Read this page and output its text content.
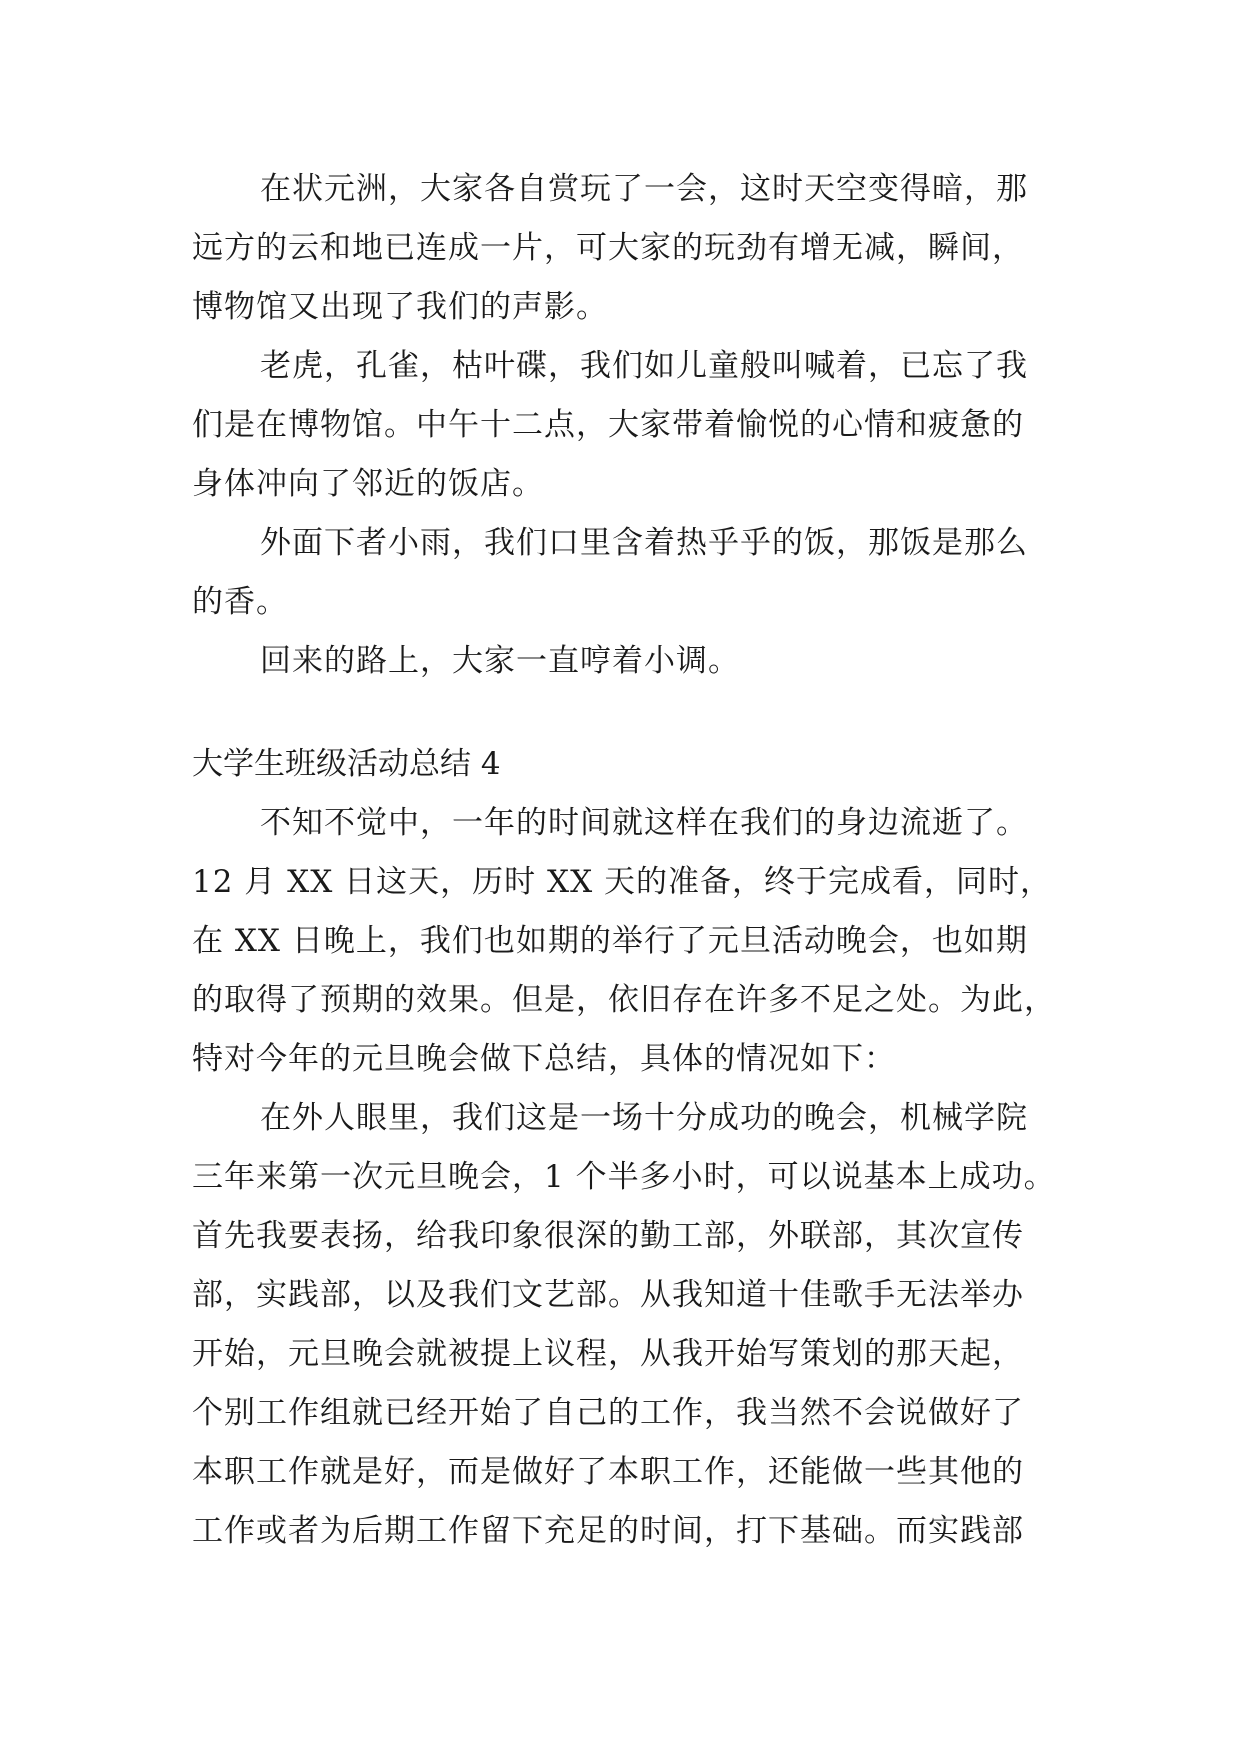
在状元洲，大家各自赏玩了一会，这时天空变得暗，那
远方的云和地已连成一片，可大家的玩劲有增无减，瞬间，
博物馆又出现了我们的声影。
老虎，孔雀，枯叶碟，我们如儿童般叫喊着，已忘了我
们是在博物馆。中午十二点，大家带着愉悦的心情和疲惫的
身体冲向了邻近的饭店。
外面下者小雨，我们口里含着热乎乎的饭，那饭是那么
的香。
回来的路上，大家一直哼着小调。
大学生班级活动总结 4
不知不觉中，一年的时间就这样在我们的身边流逝了。
12 月 XX 日这天，历时 XX 天的准备，终于完成看，同时，
在 XX 日晚上，我们也如期的举行了元旦活动晚会，也如期
的取得了预期的效果。但是，依旧存在许多不足之处。为此，
特对今年的元旦晚会做下总结，具体的情况如下：
在外人眼里，我们这是一场十分成功的晚会，机械学院
三年来第一次元旦晚会，1 个半多小时，可以说基本上成功。
首先我要表扬，给我印象很深的勤工部，外联部，其次宣传
部，实践部，以及我们文艺部。从我知道十佳歌手无法举办
开始，元旦晚会就被提上议程，从我开始写策划的那天起，
个别工作组就已经开始了自己的工作，我当然不会说做好了
本职工作就是好，而是做好了本职工作，还能做一些其他的
工作或者为后期工作留下充足的时间，打下基础。而实践部
